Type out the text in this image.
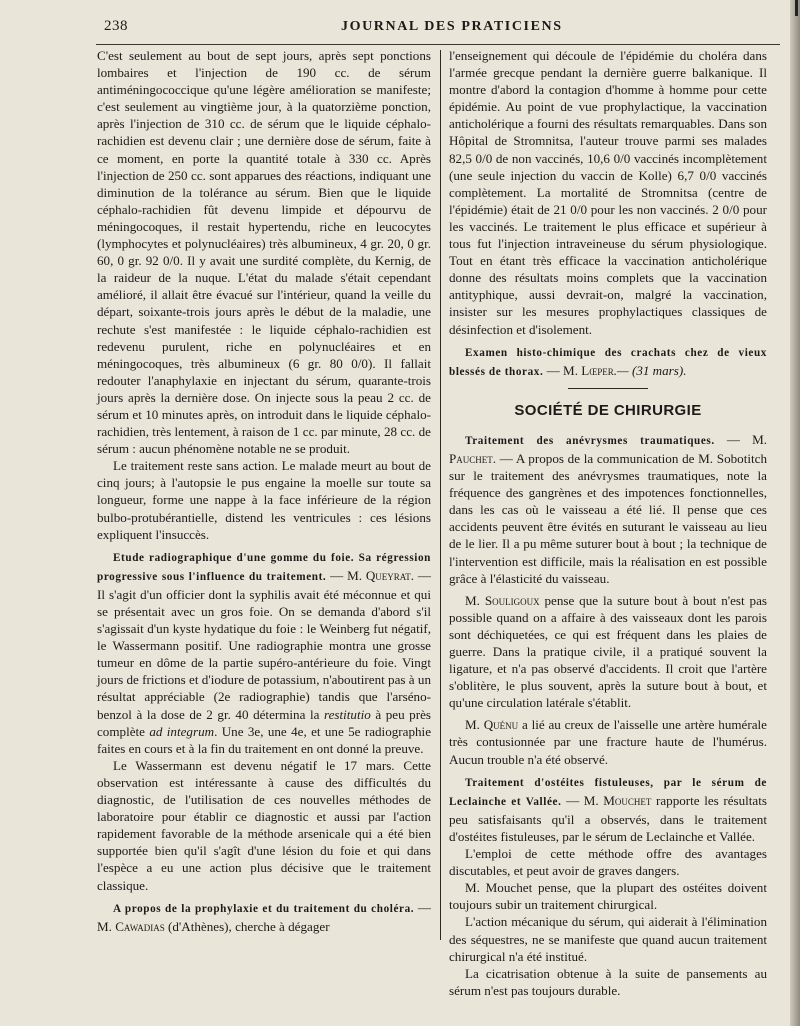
238	JOURNAL DES PRATICIENS

C'est seulement au bout de sept jours, après sept ponctions lombaires et l'injection de 190 cc. de sérum antiméningococcique qu'une légère amélioration se manifeste; c'est seulement au vingtième jour, à la quatorzième ponction, après l'injection de 310 cc. de sérum que le liquide céphalo-rachidien est devenu clair ; une dernière dose de sérum, faite à ce moment, en porte la quantité totale à 330 cc. Après l'injection de 250 cc. sont apparues des réactions, indiquant une diminution de la tolérance au sérum. Bien que le liquide céphalo-rachidien fût devenu limpide et dépourvu de méningocoques, il restait hypertendu, riche en leucocytes (lymphocytes et polynucléaires) très albumineux, 4 gr. 20, 0 gr. 60, 0 gr. 92 0/0. Il y avait une surdité complète, du Kernig, de la raideur de la nuque. L'état du malade s'était cependant amélioré, il allait être évacué sur l'intérieur, quand la veille du départ, soixante-trois jours après le début de la maladie, une rechute s'est manifestée : le liquide céphalo-rachidien est redevenu purulent, riche en polynucléaires et en méningocoques, très albumineux (6 gr. 80 0/0). Il fallait redouter l'anaphylaxie en injectant du sérum, quarante-trois jours après la dernière dose. On injecte sous la peau 2 cc. de sérum et 10 minutes après, on introduit dans le liquide céphalo-rachidien, très lentement, à raison de 1 cc. par minute, 28 cc. de sérum : aucun phénomène notable ne se produit.

Le traitement reste sans action. Le malade meurt au bout de cinq jours; à l'autopsie le pus engaine la moelle sur toute sa longueur, forme une nappe à la face inférieure de la région bulbo-protubérantielle, distend les ventricules : ces lésions expliquent l'insuccès.

Etude radiographique d'une gomme du foie. Sa régression progressive sous l'influence du traitement. — M. Queyrat. — Il s'agit d'un officier dont la syphilis avait été méconnue et qui se présentait avec un gros foie. On se demanda d'abord s'il s'agissait d'un kyste hydatique du foie : le Weinberg fut négatif, le Wassermann positif. Une radiographie montra une grosse tumeur en dôme de la partie supéro-antérieure du foie. Vingt jours de frictions et d'iodure de potassium, n'aboutirent pas à un résultat appréciable (2e radiographie) tandis que l'arséno-benzol à la dose de 2 gr. 40 détermina la restitutio à peu près complète ad integrum. Une 3e, une 4e, et une 5e radiographie faites en cours et à la fin du traitement en ont donné la preuve.

Le Wassermann est devenu négatif le 17 mars. Cette observation est intéressante à cause des difficultés du diagnostic, de l'utilisation de ces nouvelles méthodes de laboratoire pour établir ce diagnostic et aussi par l'action rapidement favorable de la méthode arsenicale qui a été bien supportée bien qu'il s'agît d'une lésion du foie et qui dans l'espèce a eu une action plus décisive que le traitement classique.

A propos de la prophylaxie et du traitement du choléra. — M. Cawadias (d'Athènes), cherche à dégager

l'enseignement qui découle de l'épidémie du choléra dans l'armée grecque pendant la dernière guerre balkanique. Il montre d'abord la contagion d'homme à homme pour cette épidémie. Au point de vue prophylactique, la vaccination anticholérique a fourni des résultats remarquables. Dans son Hôpital de Stromnitsa, l'auteur trouve parmi ses malades 82,5 0/0 de non vaccinés, 10,6 0/0 vaccinés incomplètement (une seule injection du vaccin de Kolle) 6,7 0/0 vaccinés complètement. La mortalité de Stromnitsa (centre de l'épidémie) était de 21 0/0 pour les non vaccinés. 2 0/0 pour les vaccinés. Le traitement le plus efficace et supérieur à tous fut l'injection intraveineuse du sérum physiologique. Tout en étant très efficace la vaccination anticholérique donne des résultats moins complets que la vaccination antityphique, aussi devrait-on, malgré la vaccination, insister sur les mesures prophylactiques classiques de désinfection et d'isolement.

Examen histo-chimique des crachats chez de vieux blessés de thorax. — M. Lœper.— (31 mars).

SOCIÉTÉ DE CHIRURGIE

Traitement des anévrysmes traumatiques. — M. Pauchet. — A propos de la communication de M. Sobotitch sur le traitement des anévrysmes traumatiques, note la fréquence des gangrènes et des impotences fonctionnelles, dans les cas où le vaisseau a été lié. Il pense que ces accidents peuvent être évités en suturant le vaisseau au lieu de le lier. Il a pu même suturer bout à bout ; la technique de l'intervention est difficile, mais la réalisation en est possible grâce à l'élasticité du vaisseau.

M. Souligoux pense que la suture bout à bout n'est pas possible quand on a affaire à des vaisseaux dont les parois sont déchiquetées, ce qui est fréquent dans les plaies de guerre. Dans la pratique civile, il a pratiqué souvent la ligature, et n'a pas observé d'accidents. Il croit que l'artère s'oblitère, le plus souvent, après la suture bout à bout, et qu'une circulation latérale s'établit.

M. Quénu a lié au creux de l'aisselle une artère humérale très contusionnée par une fracture haute de l'humérus. Aucun trouble n'a été observé.

Traitement d'ostéites fistuleuses, par le sérum de Leclainche et Vallée. — M. Mouchet rapporte les résultats peu satisfaisants qu'il a observés, dans le traitement d'ostéites fistuleuses, par le sérum de Leclainche et Vallée.

L'emploi de cette méthode offre des avantages discutables, et peut avoir de graves dangers.

M. Mouchet pense, que la plupart des ostéites doivent toujours subir un traitement chirurgical.

L'action mécanique du sérum, qui aiderait à l'élimination des séquestres, ne se manifeste que quand aucun traitement chirurgical n'a été institué.

La cicatrisation obtenue à la suite de pansements au sérum n'est pas toujours durable.
